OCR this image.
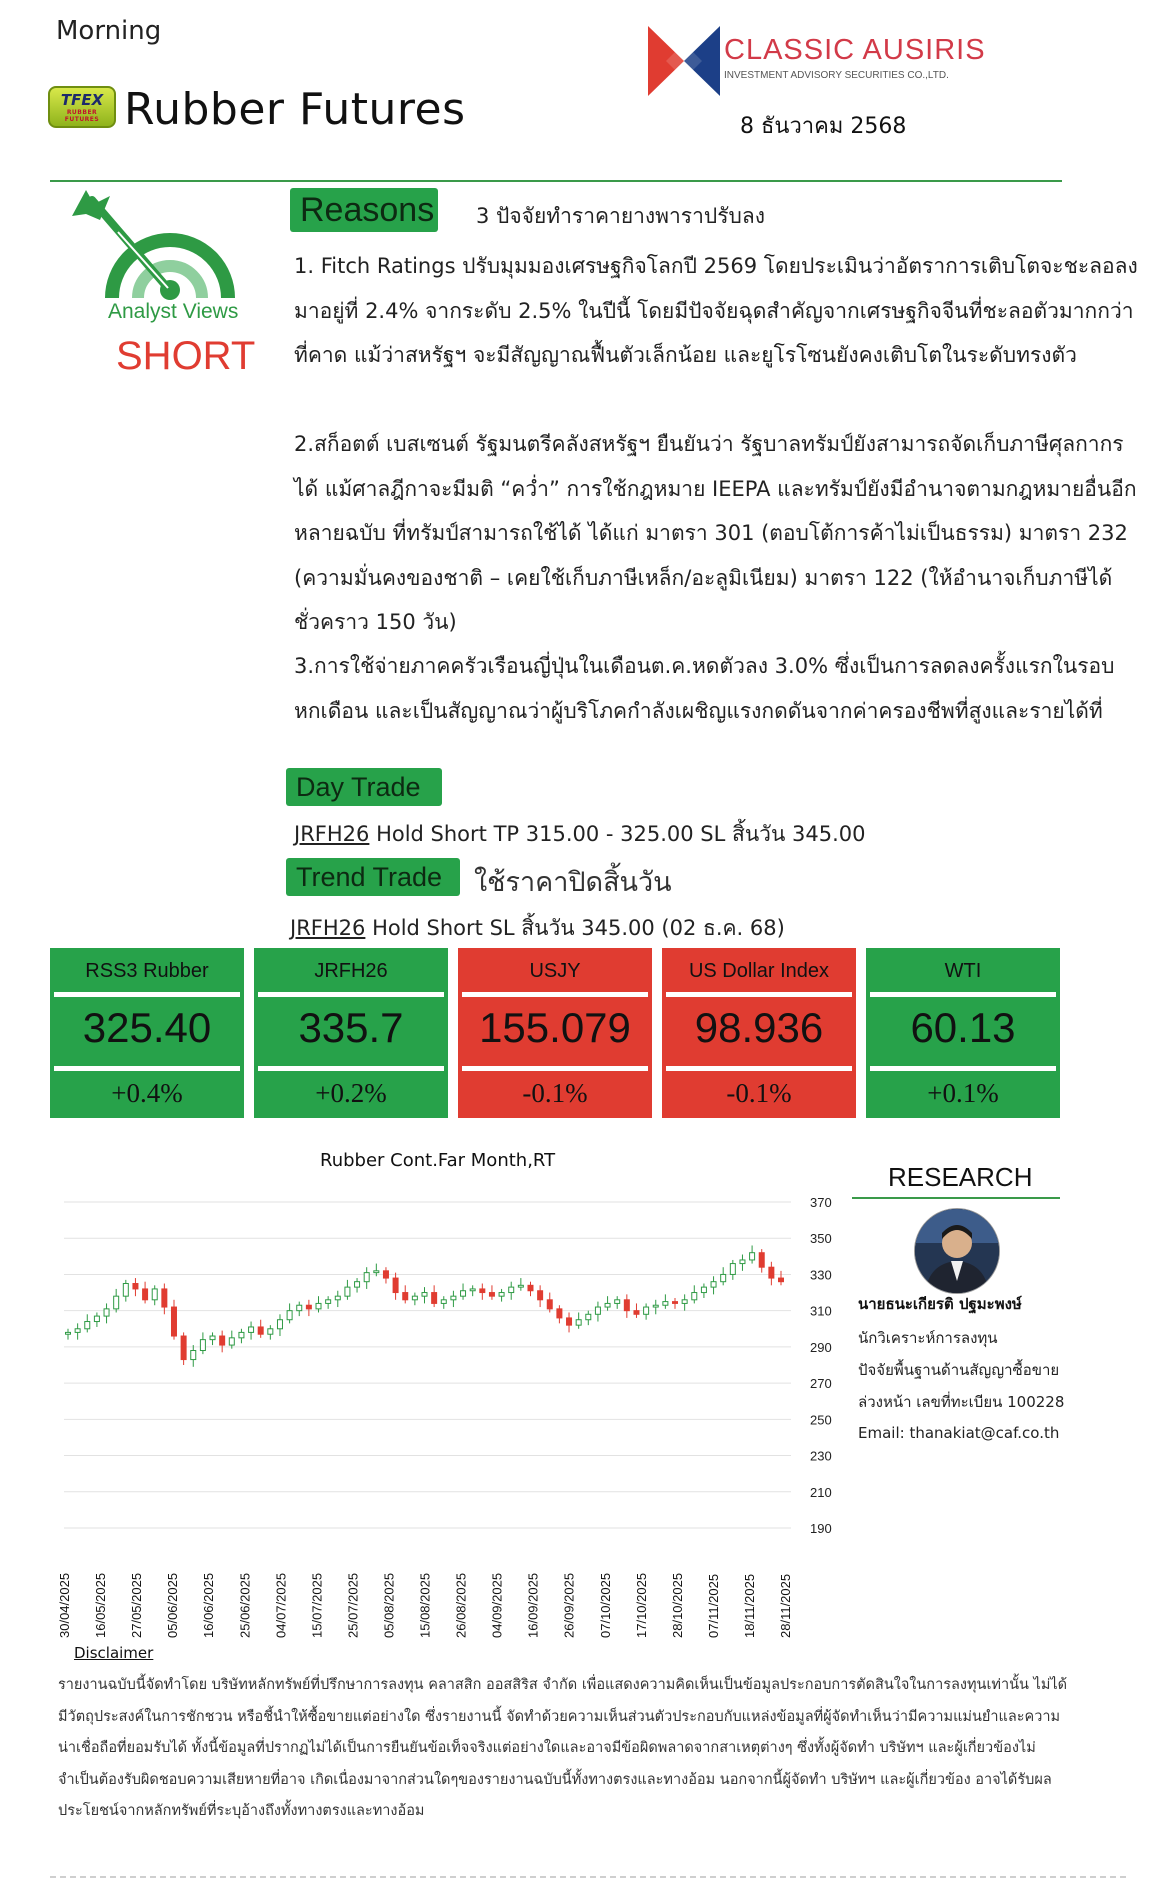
Morning
TFEX
RUBBER FUTURES Rubber Futures
CLASSIC AUSIRIS
INVESTMENT ADVISORY SECURITIES CO.,LTD.
8 ธันวาคม 2568
Analyst Views
SHORT
Reasons 3 ปัจจัยทำราคายางพาราปรับลง
1. Fitch Ratings ปรับมุมมองเศรษฐกิจโลกปี 2569 โดยประเมินว่าอัตราการเติบโตจะชะลอลงมาอยู่ที่ 2.4% จากระดับ 2.5% ในปีนี้ โดยมีปัจจัยฉุดสำคัญจากเศรษฐกิจจีนที่ชะลอตัวมากกว่าที่คาด แม้ว่าสหรัฐฯ จะมีสัญญาณฟื้นตัวเล็กน้อย และยูโรโซนยังคงเติบโตในระดับทรงตัว
2.สก็อตต์ เบสเซนต์ รัฐมนตรีคลังสหรัฐฯ ยืนยันว่า รัฐบาลทรัมป์ยังสามารถจัดเก็บภาษีศุลกากรได้ แม้ศาลฎีกาจะมีมติ “คว่ำ” การใช้กฎหมาย IEEPA และทรัมป์ยังมีอำนาจตามกฎหมายอื่นอีกหลายฉบับ ที่ทรัมป์สามารถใช้ได้ ได้แก่ มาตรา 301 (ตอบโต้การค้าไม่เป็นธรรม) มาตรา 232 (ความมั่นคงของชาติ – เคยใช้เก็บภาษีเหล็ก/อะลูมิเนียม) มาตรา 122 (ให้อำนาจเก็บภาษีได้ชั่วคราว 150 วัน)
3.การใช้จ่ายภาคครัวเรือนญี่ปุ่นในเดือนต.ค.หดตัวลง 3.0% ซึ่งเป็นการลดลงครั้งแรกในรอบหกเดือน และเป็นสัญญาณว่าผู้บริโภคกำลังเผชิญแรงกดดันจากค่าครองชีพที่สูงและรายได้ที่
Day Trade
JRFH26 Hold Short TP 315.00 - 325.00 SL สิ้นวัน 345.00
Trend Trade	ใช้ราคาปิดสิ้นวัน
JRFH26 Hold Short SL สิ้นวัน 345.00 (02 ธ.ค. 68)
RSS3 Rubber
325.40
+0.4%
JRFH26
335.7
+0.2%
USJY
155.079
-0.1%
US Dollar Index
98.936
-0.1%
WTI
60.13
+0.1%
Rubber Cont.Far Month,RT
370
350
330
310
290
270
250
230
210
190
30/04/2025 16/05/2025 27/05/2025 05/06/2025 16/06/2025 25/06/2025 04/07/2025 15/07/2025 25/07/2025 05/08/2025 15/08/2025 26/08/2025 04/09/2025 16/09/2025 26/09/2025 07/10/2025 17/10/2025 28/10/2025 07/11/2025 18/11/2025 28/11/2025
RESEARCH
นายธนะเกียรติ ปฐมะพงษ์
นักวิเคราะห์การลงทุน
ปัจจัยพื้นฐานด้านสัญญาซื้อขาย
ล่วงหน้า เลขที่ทะเบียน 100228
Email: thanakiat@caf.co.th
Disclaimer
รายงานฉบับนี้จัดทำโดย บริษัทหลักทรัพย์ที่ปรึกษาการลงทุน คลาสสิก ออสสิริส จำกัด เพื่อแสดงความคิดเห็นเป็นข้อมูลประกอบการตัดสินใจในการลงทุนเท่านั้น ไม่ได้มีวัตถุประสงค์ในการชักชวน หรือชี้นำให้ซื้อขายแต่อย่างใด ซึ่งรายงานนี้ จัดทำด้วยความเห็นส่วนตัวประกอบกับแหล่งข้อมูลที่ผู้จัดทำเห็นว่ามีความแม่นยำและความน่าเชื่อถือที่ยอมรับได้ ทั้งนี้ข้อมูลที่ปรากฏไม่ได้เป็นการยืนยันข้อเท็จจริงแต่อย่างใดและอาจมีข้อผิดพลาดจากสาเหตุต่างๆ ซึ่งทั้งผู้จัดทำ บริษัทฯ และผู้เกี่ยวข้องไม่จำเป็นต้องรับผิดชอบความเสียหายที่อาจ เกิดเนื่องมาจากส่วนใดๆของรายงานฉบับนี้ทั้งทางตรงและทางอ้อม นอกจากนี้ผู้จัดทำ บริษัทฯ และผู้เกี่ยวข้อง อาจได้รับผลประโยชน์จากหลักทรัพย์ที่ระบุอ้างถึงทั้งทางตรงและทางอ้อม
